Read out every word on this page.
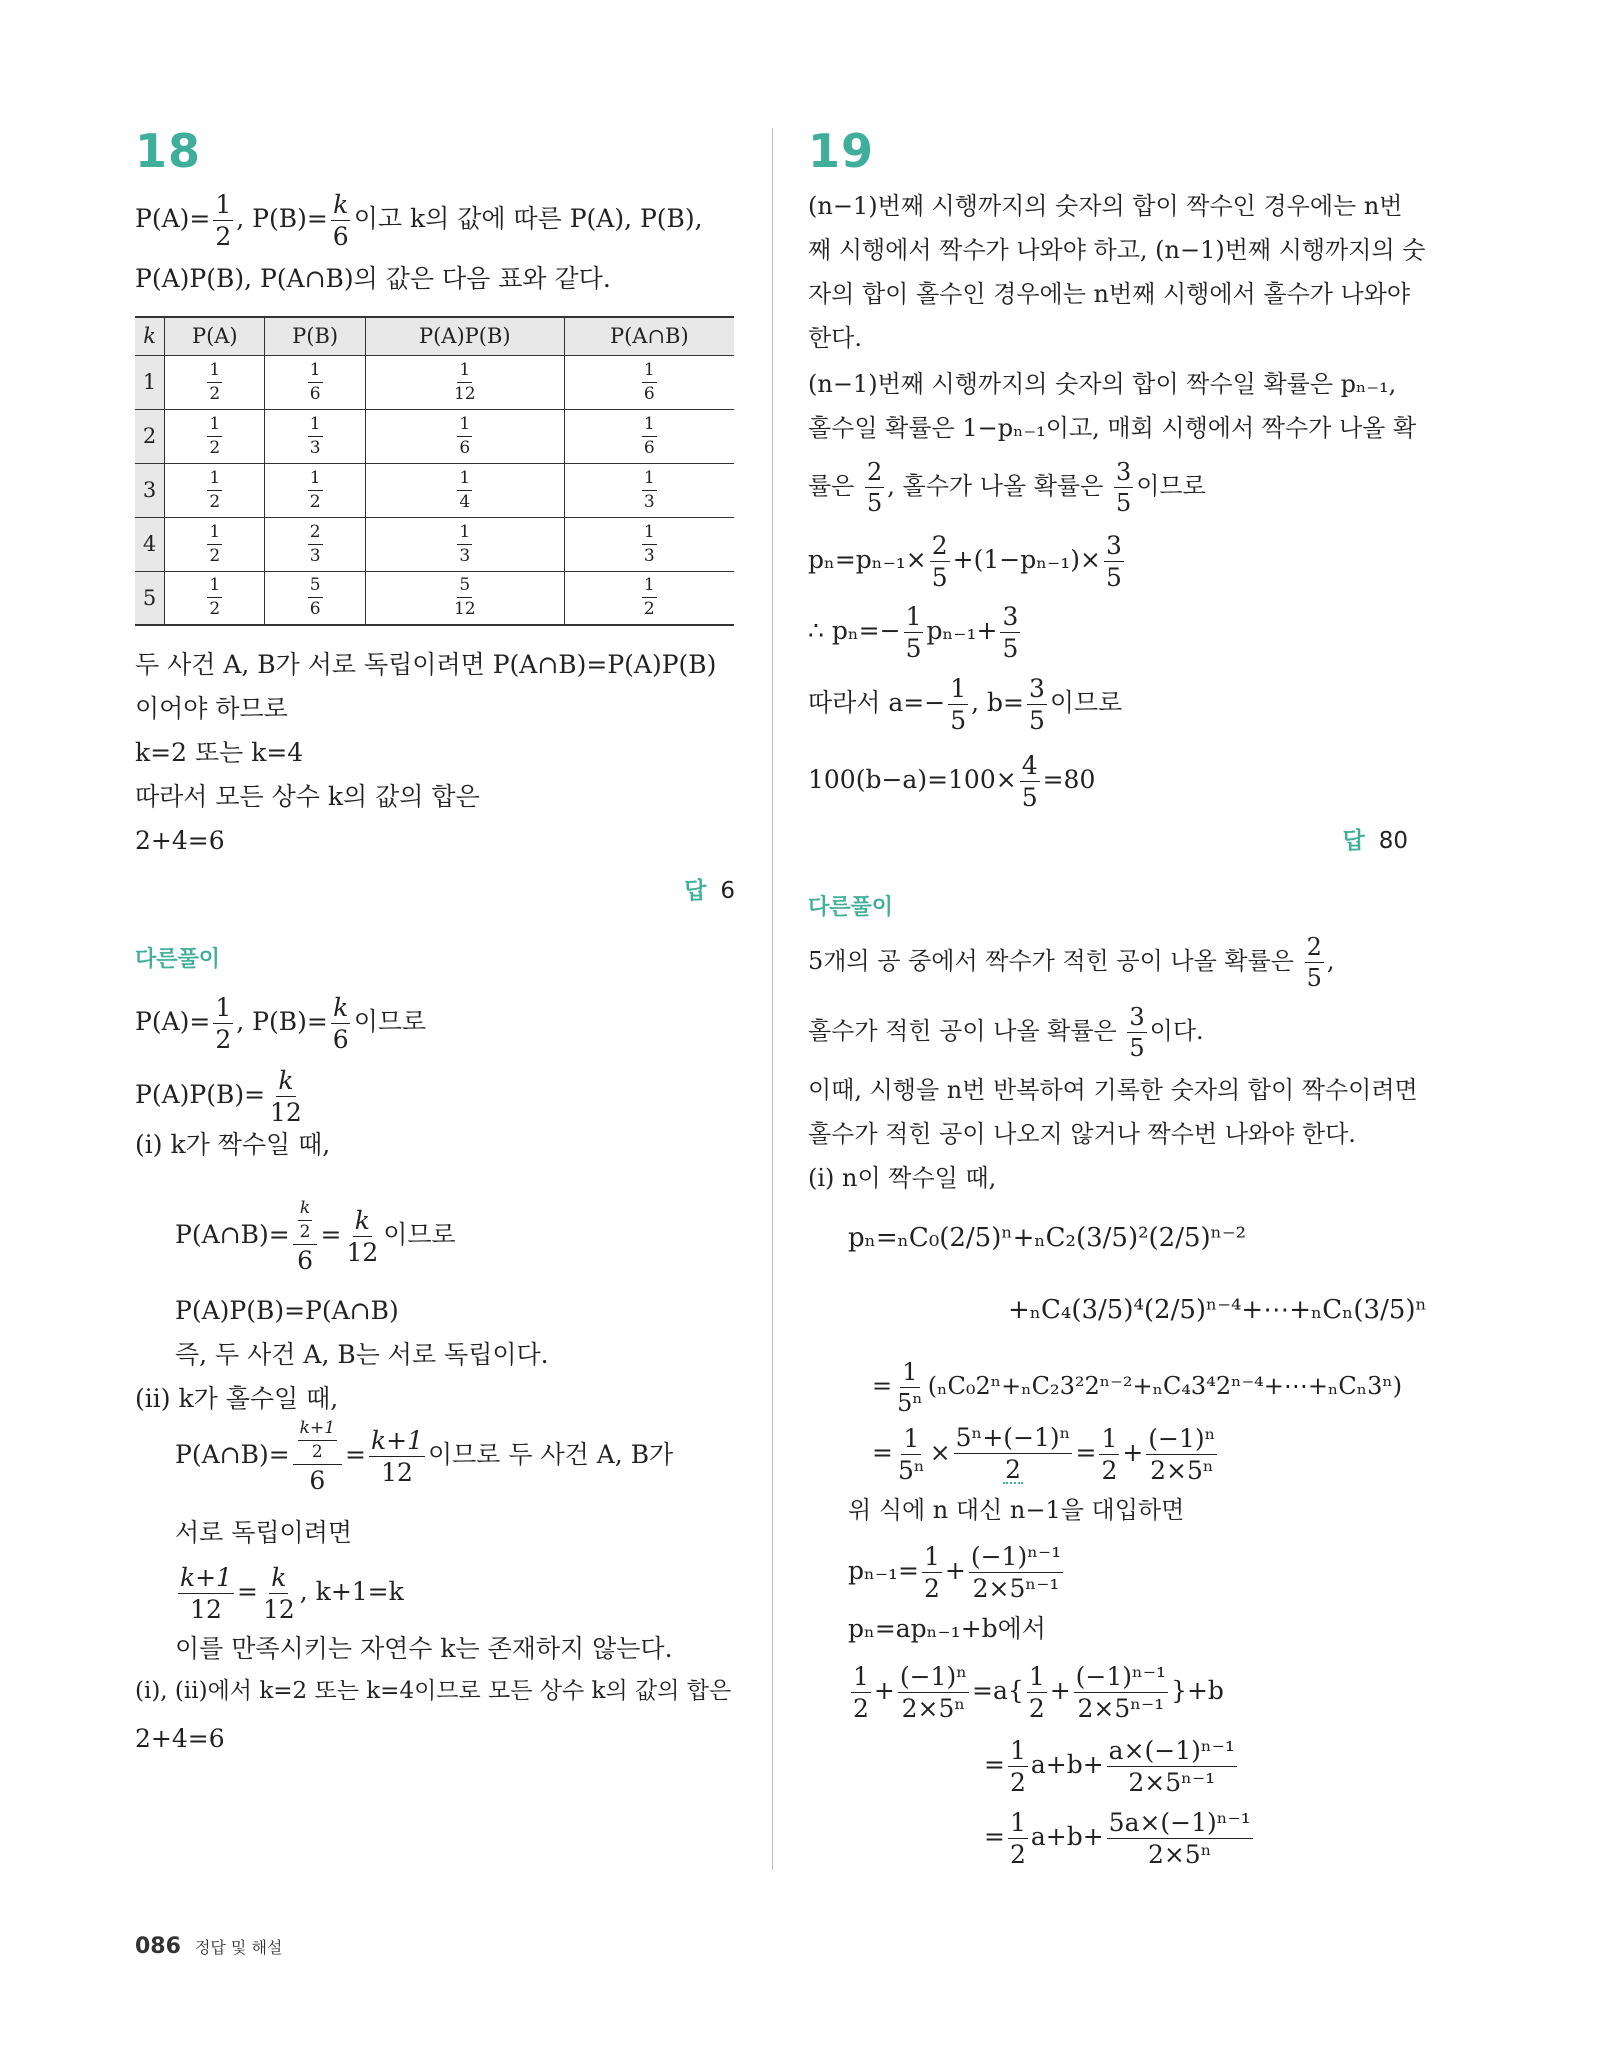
18
$P(A)= \frac{1}{2}$ , $P(B)= \frac{k}{6}$ 이고 k의 값에 따른 P(A), P(B),
P(A)P(B), P(A∩B)의 값은 다음 표와 같다.
k	P(A)	P(B)	P(A)P(B)	P(A∩B)
1	$\frac{1}{2}$	$\frac{1}{6}$	$\frac{1}{12}$	$\frac{1}{6}$

2	$\frac{1}{2}$	$\frac{1}{3}$	$\frac{1}{6}$	$\frac{1}{6}$

3	$\frac{1}{2}$	$\frac{1}{2}$	$\frac{1}{4}$	$\frac{1}{3}$

4	$\frac{1}{2}$	$\frac{2}{3}$	$\frac{1}{3}$	$\frac{1}{3}$

5	$\frac{1}{2}$	$\frac{5}{6}$	$\frac{5}{12}$	$\frac{1}{2}$
두 사건 A, B가 서로 독립이려면 P(A∩B)=P(A)P(B)
이어야 하므로
k=2 또는 k=4
따라서 모든 상수 k의 값의 합은
2+4=6
답 6
다른풀이
$P(A)= \frac{1}{2}$ , $P(B)= \frac{k}{6}$ 이므로
$P(A)P(B)= \frac{k}{12}$
(ⅰ) k가 짝수일 때,
P(A∩B)= $\frac{\frac{k}{2}}{6} = \frac{k}{12}$ 이므로
P(A)P(B)=P(A∩B)
즉, 두 사건 A, B는 서로 독립이다.
(ⅱ) k가 홀수일 때,
P(A∩B)= $\frac{\frac{k+1}{2}}{6} = \frac{k+1}{12}$ 이므로 두 사건 A, B가
서로 독립이려면
$\frac{k+1}{12} = \frac{k}{12}$ , k+1=k
이를 만족시키는 자연수 k는 존재하지 않는다.
(ⅰ), (ⅱ)에서 k=2 또는 k=4이므로 모든 상수 k의 값의 합은
2+4=6
19
(n−1)번째 시행까지의 숫자의 합이 짝수인 경우에는 n번
째 시행에서 짝수가 나와야 하고, (n−1)번째 시행까지의 숫
자의 합이 홀수인 경우에는 n번째 시행에서 홀수가 나와야
한다.
(n−1)번째 시행까지의 숫자의 합이 짝수일 확률은 pₙ₋₁,
홀수일 확률은 1−pₙ₋₁이고, 매회 시행에서 짝수가 나올 확
률은 $\frac{2}{5}$ , 홀수가 나올 확률은 $\frac{3}{5}$ 이므로
$p_n=p_{n-1}\times \frac{2}{5} +(1-p_{n-1})\times \frac{3}{5}$
∴ $p_n=- \frac{1}{5} p_{n-1}+ \frac{3}{5}$
따라서 $a=- \frac{1}{5}$ , $b= \frac{3}{5}$ 이므로
$100(b-a)=100\times \frac{4}{5} =80$
답 80
다른풀이
5개의 공 중에서 짝수가 적힌 공이 나올 확률은 $\frac{2}{5}$ ,
홀수가 적힌 공이 나올 확률은 $\frac{3}{5}$ 이다.
이때, 시행을 n번 반복하여 기록한 숫자의 합이 짝수이려면
홀수가 적힌 공이 나오지 않거나 짝수번 나와야 한다.
(ⅰ) n이 짝수일 때,
pₙ=ₙC₀(2/5)ⁿ+ₙC₂(3/5)²(2/5)ⁿ⁻²
+ₙC₄(3/5)⁴(2/5)ⁿ⁻⁴+⋯+ₙCₙ(3/5)ⁿ
= $\frac{1}{\text{5ⁿ}}$ (ₙC₀2ⁿ+ₙC₂3²2ⁿ⁻²+ₙC₄3⁴2ⁿ⁻⁴+⋯+ₙCₙ3ⁿ)
= $\frac{1}{\text{5ⁿ}} \times \frac{\text{5ⁿ+(−1)ⁿ}}{2} = \frac{1}{2} + \frac{\text{(−1)ⁿ}}{\text{2×5ⁿ}}$
위 식에 n 대신 n−1을 대입하면
$p_{n-1}= \frac{1}{2} + \frac{\text{(−1)ⁿ⁻¹}}{\text{2×5ⁿ⁻¹}}$
pₙ=apₙ₋₁+b에서
$\frac{1}{2} + \frac{\text{(−1)ⁿ}}{\text{2×5ⁿ}} =a\{ \frac{1}{2} + \frac{\text{(−1)ⁿ⁻¹}}{\text{2×5ⁿ⁻¹}} \}+b$
= $\frac{1}{2} a+b+ \frac{\text{a×(−1)ⁿ⁻¹}}{\text{2×5ⁿ⁻¹}}$
= $\frac{1}{2} a+b+ \frac{\text{5a×(−1)ⁿ⁻¹}}{\text{2×5ⁿ}}$
086 정답 및 해설
